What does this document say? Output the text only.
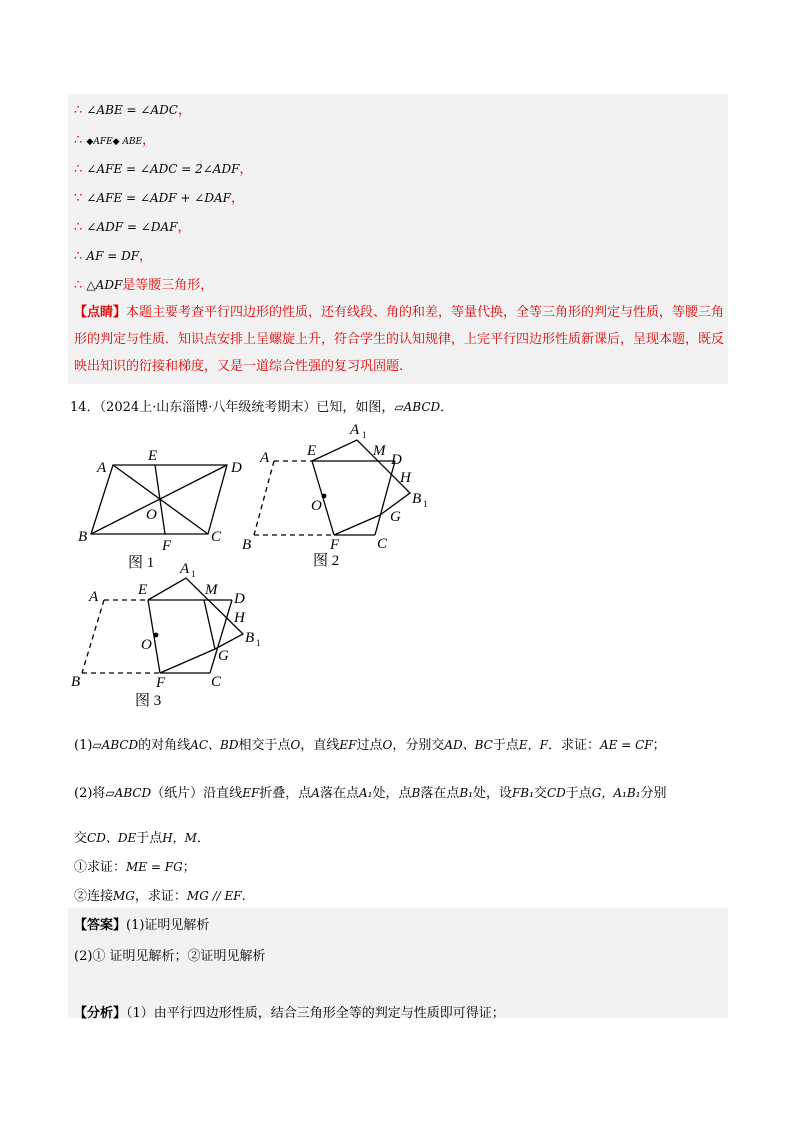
∴ ∠ABE = ∠ADC，
∴ ◆AFE◆ ABE，
∴ ∠AFE = ∠ADC = 2∠ADF，
∵ ∠AFE = ∠ADF + ∠DAF，
∴ ∠ADF = ∠DAF，
∴ AF = DF，
∴ △ADF是等腰三角形，
【点睛】本题主要考查平行四边形的性质，还有线段、角的和差，等量代换，全等三角形的判定与性质，等腰三角形的判定与性质．知识点安排上呈螺旋上升，符合学生的认知规律，上完平行四边形性质新课后，呈现本题，既反映出知识的衍接和梯度，又是一道综合性强的复习巩固题.
14．（2024上·山东淄博·八年级统考期末）已知，如图，▱ABCD．
A
B	C
D
E
F
O
图 1
A
A 1
B
B 1
C
D
E
F
G
H
M
O
图 2
A
A 1
B
B 1
C
D
E
F
G
H
M
O
图 3
(1)▱ABCD的对角线AC、BD相交于点O，直线EF过点O，分别交AD、BC于点E，F．求证：AE = CF；
(2)将▱ABCD（纸片）沿直线EF折叠，点A落在点A₁处，点B落在点B₁处，设FB₁交CD于点G，A₁B₁分别
交CD、DE于点H，M．
①求证：ME = FG；
②连接MG，求证：MG // EF.
【答案】(1)证明见解析
(2)① 证明见解析；②证明见解析
【分析】（1）由平行四边形性质，结合三角形全等的判定与性质即可得证；
